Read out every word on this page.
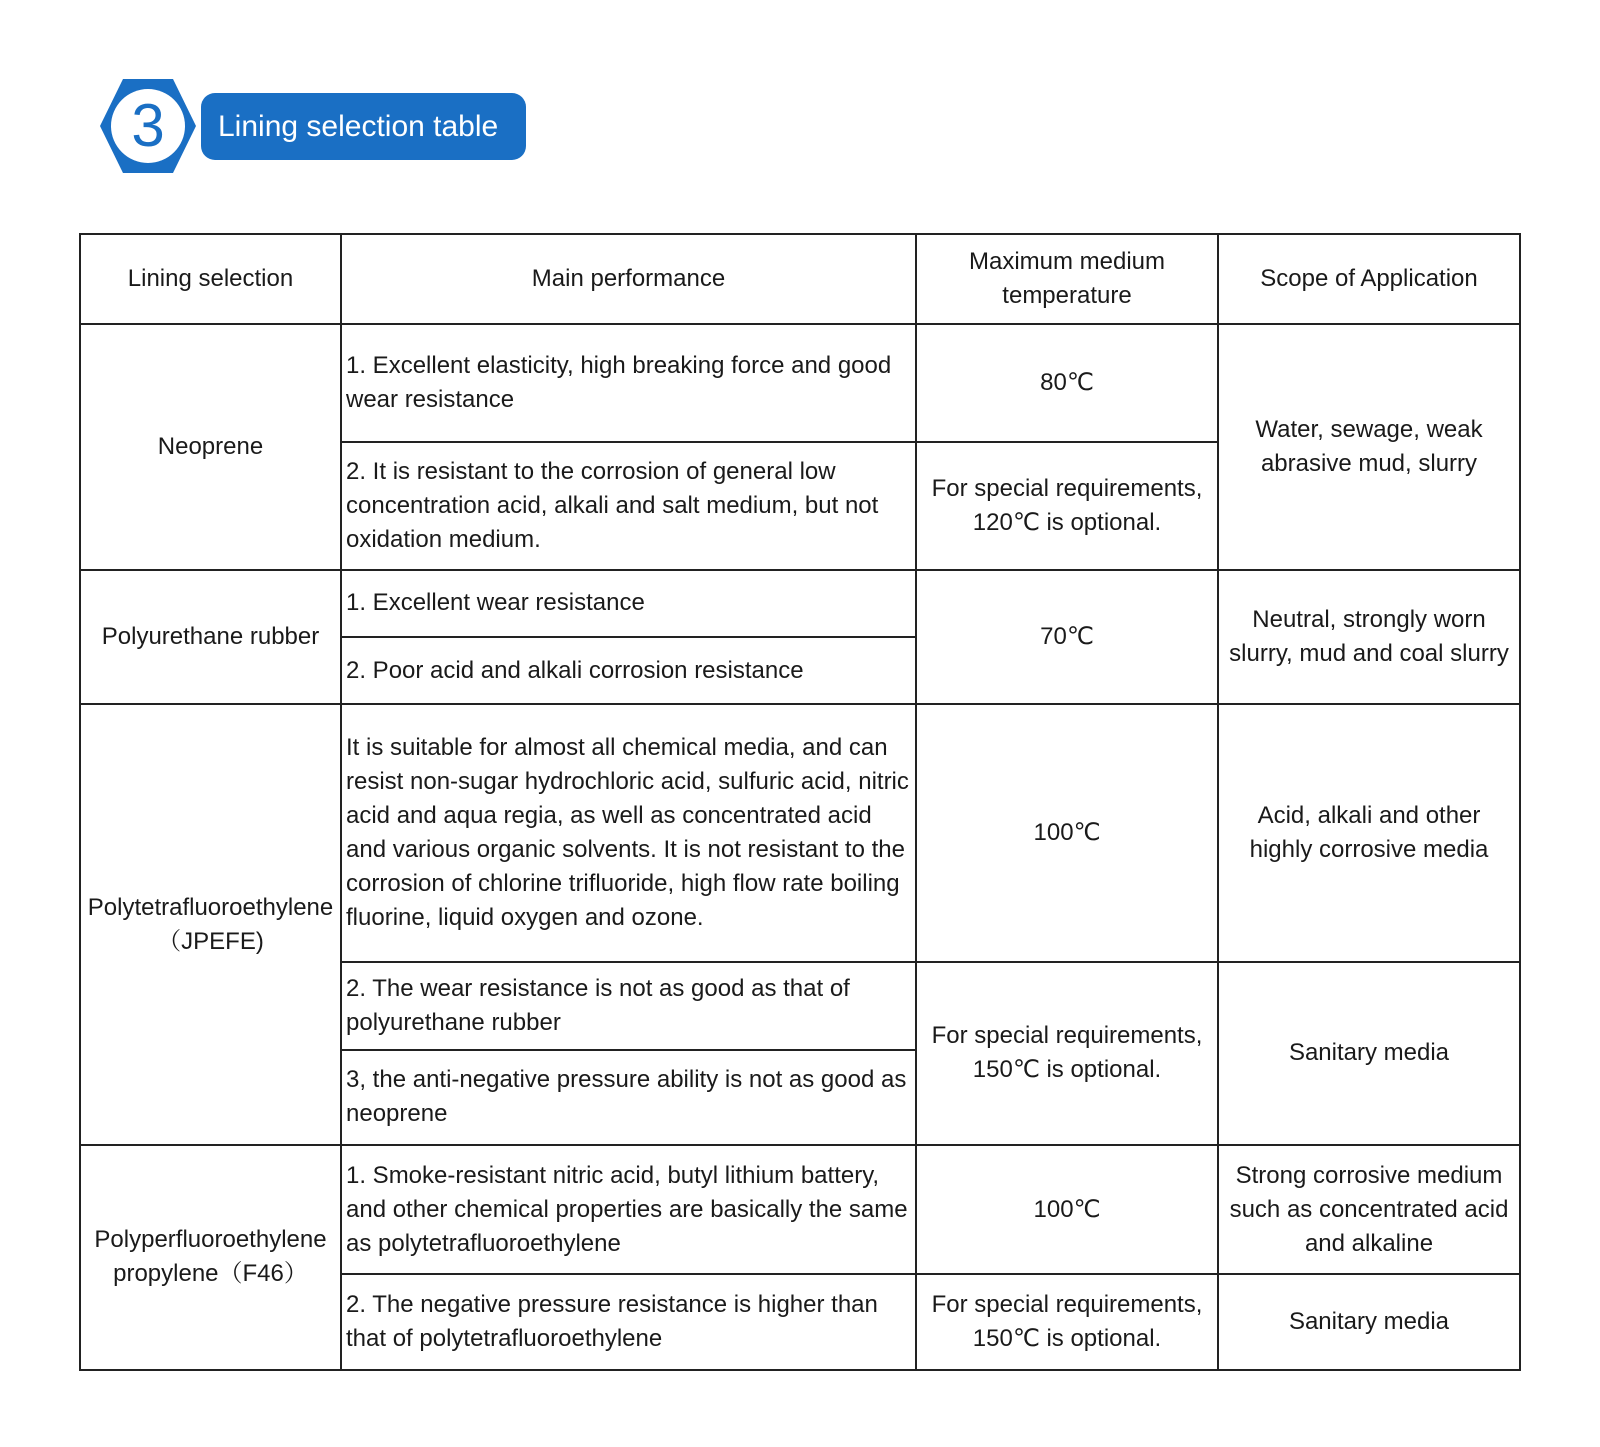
3	Lining selection table
Lining selection	Main performance	Maximum medium temperature	Scope of Application
Neoprene	1. Excellent elasticity, high breaking force and good wear resistance	80℃	Water, sewage, weak abrasive mud, slurry
	2. It is resistant to the corrosion of general low concentration acid, alkali and salt medium, but not oxidation medium.	For special requirements, 120℃ is optional.	
Polyurethane rubber	1. Excellent wear resistance	70℃	Neutral, strongly worn slurry, mud and coal slurry
	2. Poor acid and alkali corrosion resistance		
Polytetrafluoroethylene （JPEFE)	It is suitable for almost all chemical media, and can resist non-sugar hydrochloric acid, sulfuric acid, nitric acid and aqua regia, as well as concentrated acid and various organic solvents. It is not resistant to the corrosion of chlorine trifluoride, high flow rate boiling fluorine, liquid oxygen and ozone.	100℃	Acid, alkali and other highly corrosive media
	2. The wear resistance is not as good as that of polyurethane rubber	For special requirements, 150℃ is optional.	Sanitary media
	3, the anti-negative pressure ability is not as good as neoprene		
Polyperfluoroethylene propylene（F46）	1. Smoke-resistant nitric acid, butyl lithium battery, and other chemical properties are basically the same as polytetrafluoroethylene	100℃	Strong corrosive medium such as concentrated acid and alkaline
	2. The negative pressure resistance is higher than that of polytetrafluoroethylene	For special requirements, 150℃ is optional.	Sanitary media
